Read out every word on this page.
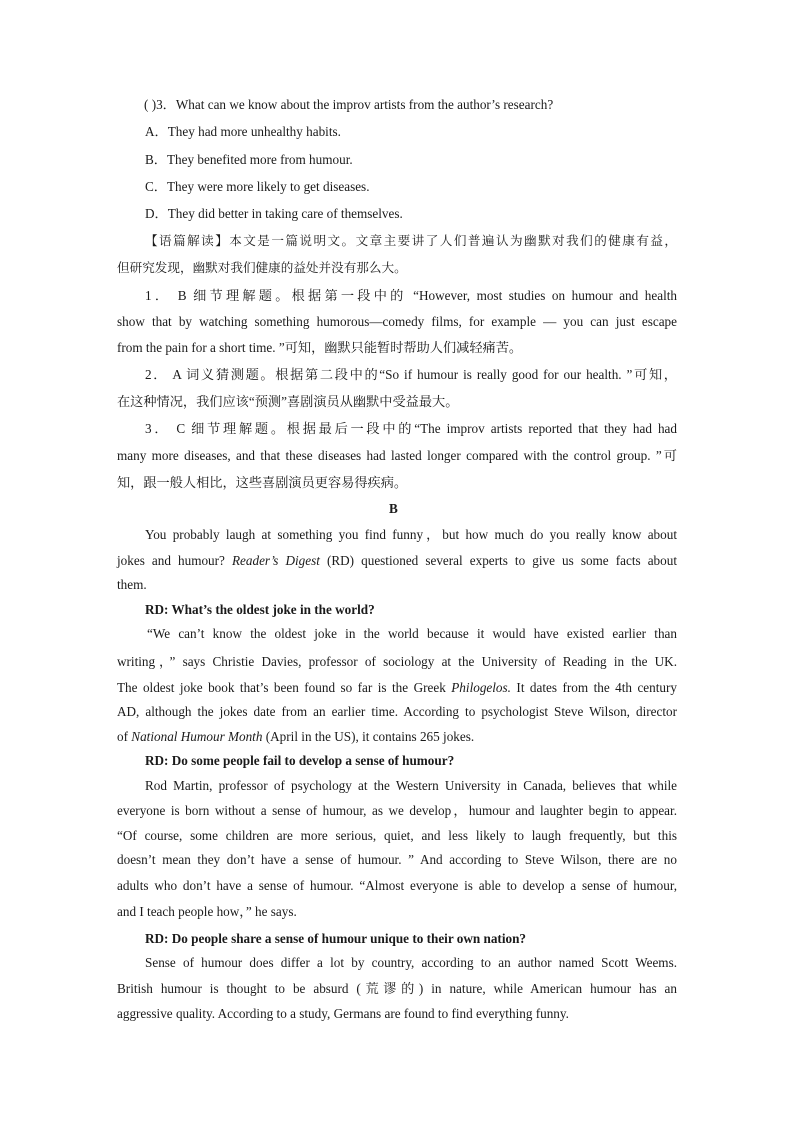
( )3．What can we know about the improv artists from the author’s research?
A．They had more unhealthy habits.
B．They benefited more from humour.
C．They were more likely to get diseases.
D．They did better in taking care of themselves.
【语篇解读】本文是一篇说明文。文章主要讲了人们普遍认为幽默对我们的健康有益，
但研究发现，幽默对我们健康的益处并没有那么大。
1． B 细节理解题。根据第一段中的 “However, most studies on humour and health
show that by watching something humorous—comedy films, for example — you can just escape
from the pain for a short time. ”可知，幽默只能暂时帮助人们减轻痛苦。
2． A 词义猜测题。根据第二段中的“So if humour is really good for our health. ”可知，
在这种情况，我们应该“预测”喜剧演员从幽默中受益最大。
3． C 细节理解题。根据最后一段中的“The improv artists reported that they had had
many more diseases, and that these diseases had lasted longer compared with the control group. ”可
知，跟一般人相比，这些喜剧演员更容易得疾病。
B
You probably laugh at something you find funny，but how much do you really know about
jokes and humour? Reader’s Digest (RD) questioned several experts to give us some facts about
them.
RD: What’s the oldest joke in the world?
“We can’t know the oldest joke in the world because it would have existed earlier than
writing，” says Christie Davies, professor of sociology at the University of Reading in the UK.
The oldest joke book that’s been found so far is the Greek Philogelos. It dates from the 4th century
AD, although the jokes date from an earlier time. According to psychologist Steve Wilson, director
of National Humour Month (April in the US), it contains 265 jokes.
RD: Do some people fail to develop a sense of humour?
Rod Martin, professor of psychology at the Western University in Canada, believes that while
everyone is born without a sense of humour, as we develop，humour and laughter begin to appear.
“Of course, some children are more serious, quiet, and less likely to laugh frequently, but this
doesn’t mean they don’t have a sense of humour. ” And according to Steve Wilson, there are no
adults who don’t have a sense of humour. “Almost everyone is able to develop a sense of humour,
and I teach people how，” he says.
RD: Do people share a sense of humour unique to their own nation?
Sense of humour does differ a lot by country, according to an author named Scott Weems.
British humour is thought to be absurd (荒谬的) in nature, while American humour has an
aggressive quality. According to a study, Germans are found to find everything funny.
